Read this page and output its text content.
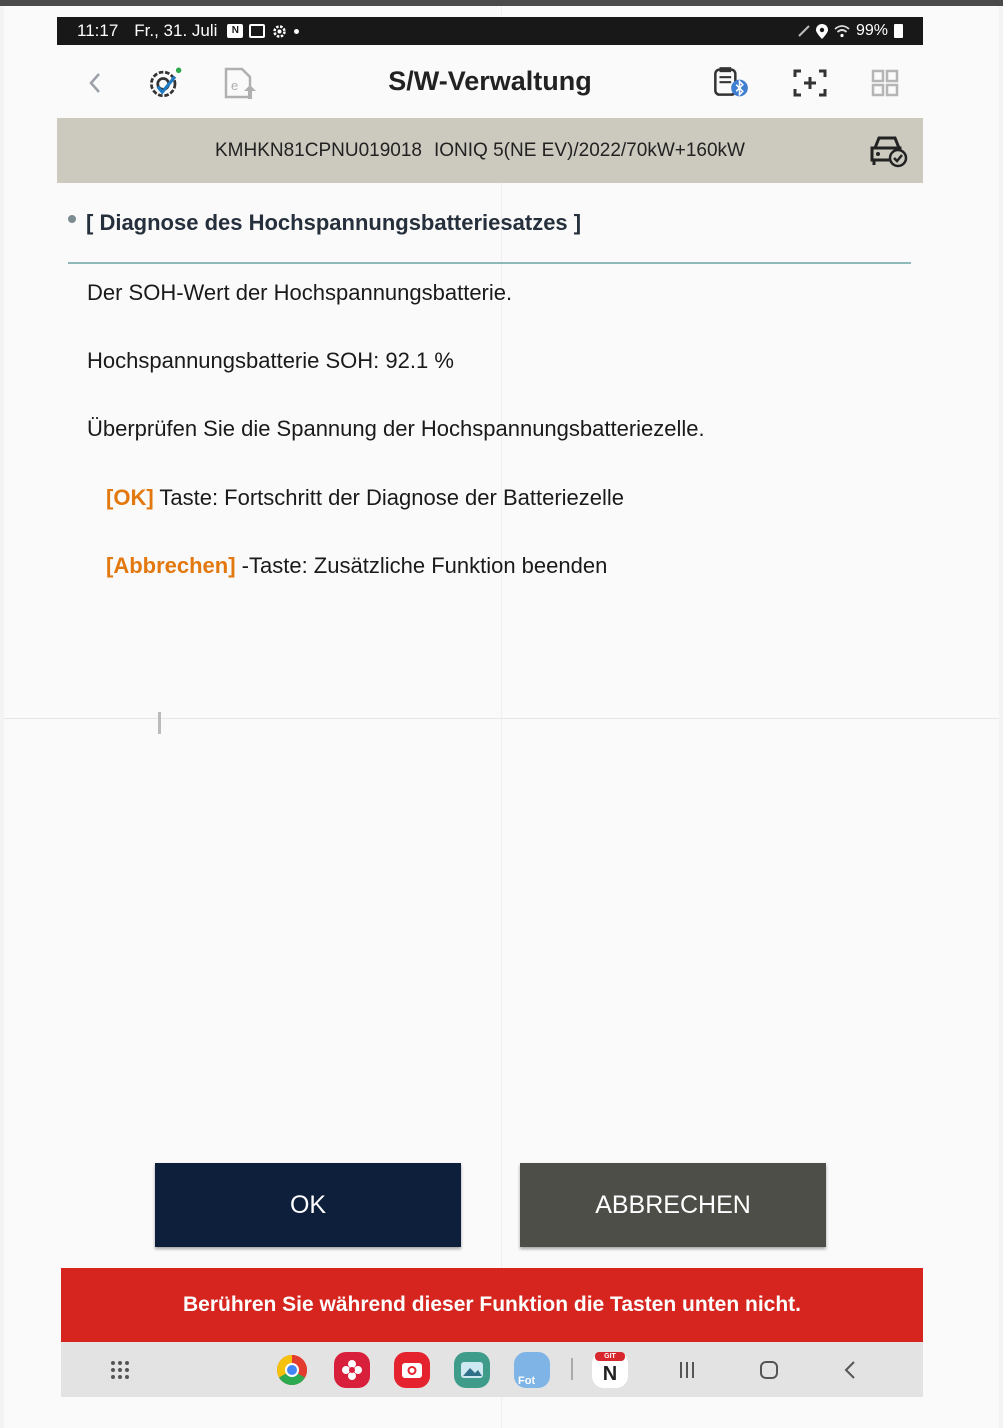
11:17 Fr., 31. Juli	N	99%
S/W-Verwaltung
e
KMHKN81CPNU019018 IONIQ 5(NE EV)/2022/70kW+160kW
[ Diagnose des Hochspannungsbatteriesatzes ]
Der SOH-Wert der Hochspannungsbatterie.
Hochspannungsbatterie SOH: 92.1 %
Überprüfen Sie die Spannung der Hochspannungsbatteriezelle.
[OK] Taste: Fortschritt der Diagnose der Batteriezelle
[Abbrechen] -Taste: Zusätzliche Funktion beenden
OK	ABBRECHEN
Berühren Sie während dieser Funktion die Tasten unten nicht.
Fot
GIT
N
